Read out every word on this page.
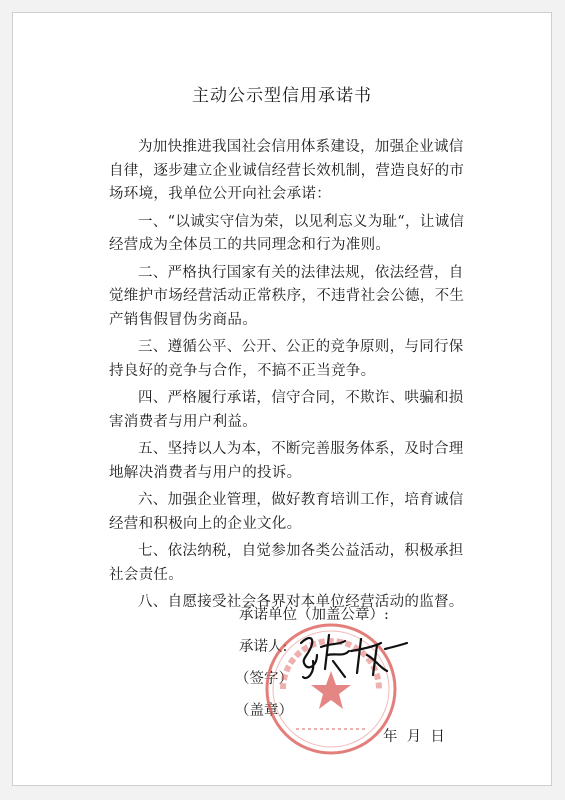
主动公示型信用承诺书

为加快推进我国社会信用体系建设，加强企业诚信自律，逐步建立企业诚信经营长效机制，营造良好的市场环境，我单位公开向社会承诺：

一、“以诚实守信为荣，以见利忘义为耻“，让诚信经营成为全体员工的共同理念和行为准则。

二、严格执行国家有关的法律法规，依法经营，自觉维护市场经营活动正常秩序，不违背社会公德，不生产销售假冒伪劣商品。

三、遵循公平、公开、公正的竞争原则，与同行保持良好的竞争与合作，不搞不正当竞争。

四、严格履行承诺，信守合同，不欺诈、哄骗和损害消费者与用户利益。

五、坚持以人为本，不断完善服务体系，及时合理地解决消费者与用户的投诉。

六、加强企业管理，做好教育培训工作，培育诚信经营和积极向上的企业文化。

七、依法纳税，自觉参加各类公益活动，积极承担社会责任。

八、自愿接受社会各界对本单位经营活动的监督。

承诺单位（加盖公章）:
承诺人:
（签字）
（盖章）
年  月  日
